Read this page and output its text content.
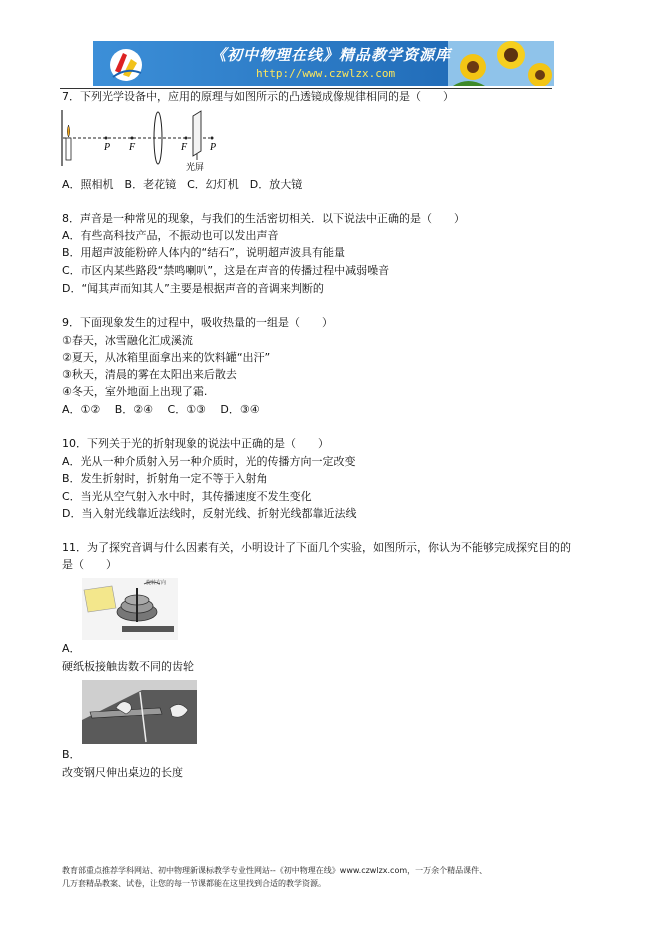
《初中物理在线》精品教学资源库
http://www.czwlzx.com
7．下列光学设备中，应用的原理与如图所示的凸透镜成像规律相同的是（　　）
P F	F P
光屏
A．照相机　B．老花镜　C．幻灯机　D．放大镜
8．声音是一种常见的现象，与我们的生活密切相关．以下说法中正确的是（　　）
A．有些高科技产品，不振动也可以发出声音
B．用超声波能粉碎人体内的“结石”，说明超声波具有能量
C．市区内某些路段“禁鸣喇叭”，这是在声音的传播过程中减弱噪音
D．“闻其声而知其人”主要是根据声音的音调来判断的
9．下面现象发生的过程中，吸收热量的一组是（　　）
①春天，冰雪融化汇成溪流
②夏天，从冰箱里面拿出来的饮料罐“出汗”
③秋天，清晨的雾在太阳出来后散去
④冬天，室外地面上出现了霜.
A．①②　 B．②④　 C．①③　 D．③④
10．下列关于光的折射现象的说法中正确的是（　　）
A．光从一种介质射入另一种介质时，光的传播方向一定改变
B．发生折射时，折射角一定不等于入射角
C．当光从空气射入水中时，其传播速度不发生变化
D．当入射光线靠近法线时，反射光线、折射光线都靠近法线
11．为了探究音调与什么因素有关，小明设计了下面几个实验，如图所示，你认为不能够完成探究目的的
是（　　）
旋转方向
A．
硬纸板接触齿数不同的齿轮
B．
改变钢尺伸出桌边的长度
教育部重点推荐学科网站、初中物理新课标教学专业性网站--《初中物理在线》www.czwlzx.com，一万余个精品课件、
几万套精品教案、试卷，让您的每一节课都能在这里找到合适的教学资源。
